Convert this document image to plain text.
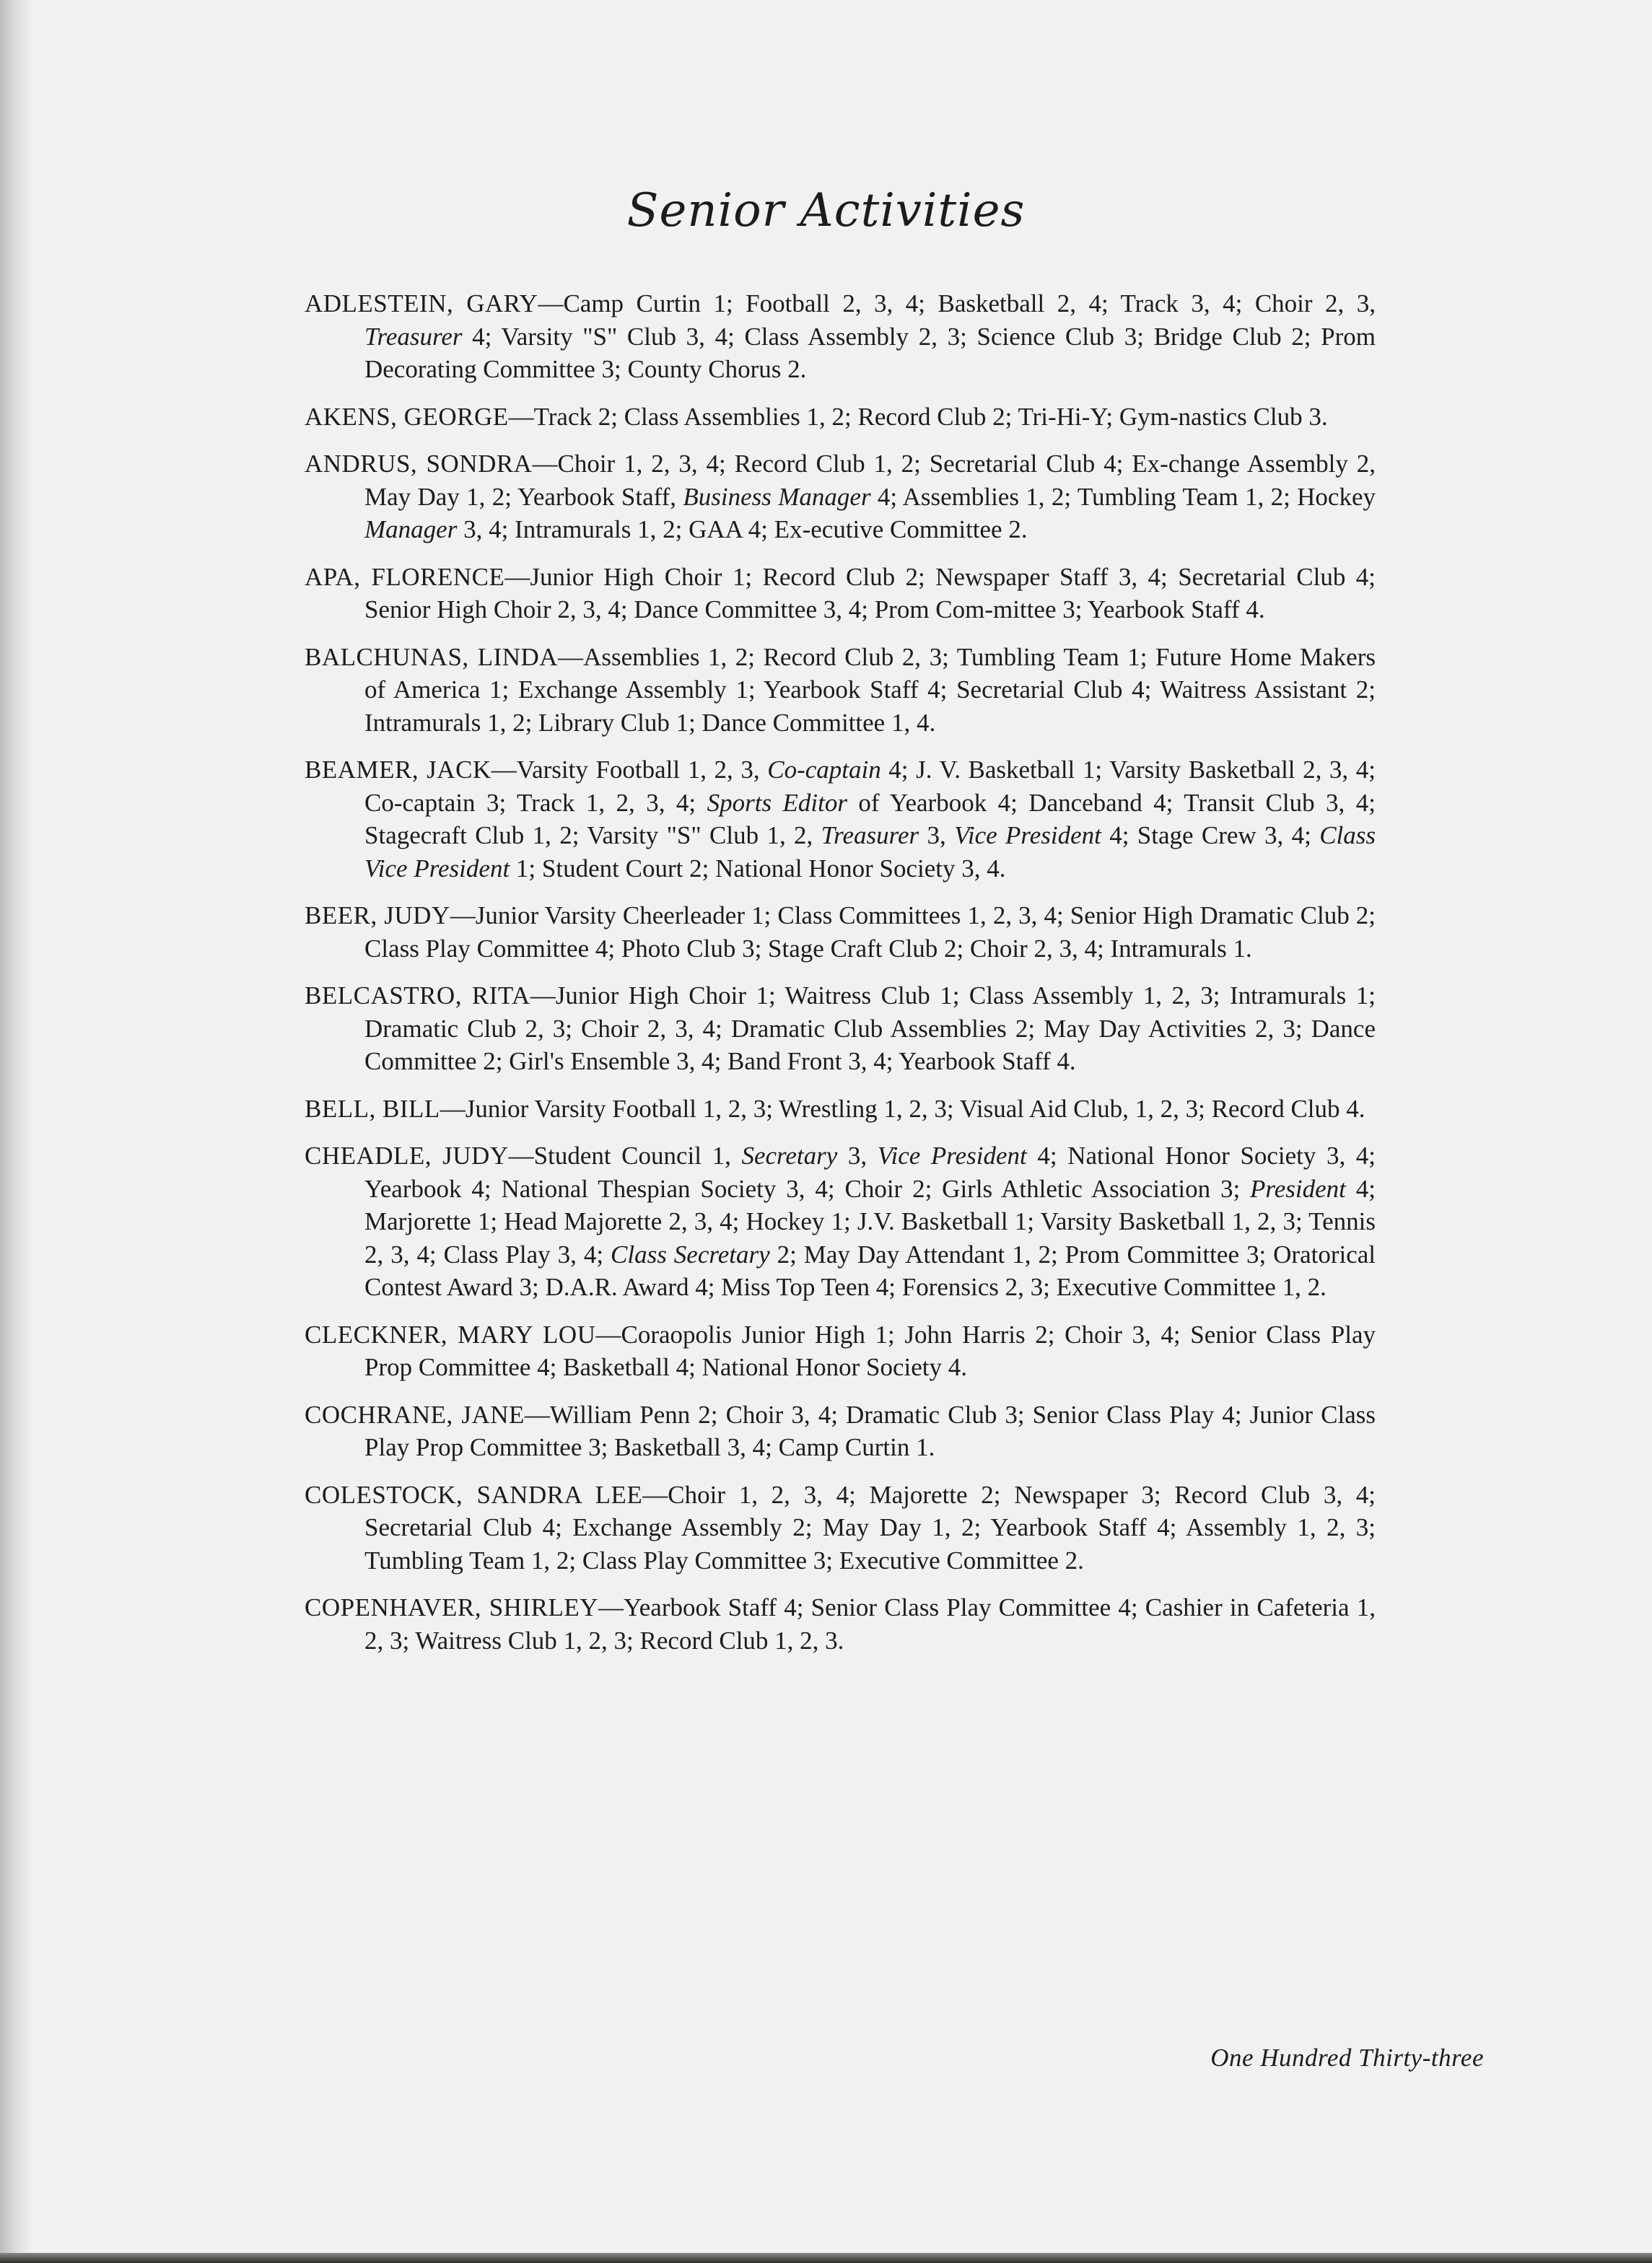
Senior Activities

ADLESTEIN, GARY—Camp Curtin 1; Football 2, 3, 4; Basketball 2, 4; Track 3, 4; Choir 2, 3, Treasurer 4; Varsity "S" Club 3, 4; Class Assembly 2, 3; Science Club 3; Bridge Club 2; Prom Decorating Committee 3; County Chorus 2.

AKENS, GEORGE—Track 2; Class Assemblies 1, 2; Record Club 2; Tri-Hi-Y; Gym-nastics Club 3.

ANDRUS, SONDRA—Choir 1, 2, 3, 4; Record Club 1, 2; Secretarial Club 4; Ex-change Assembly 2, May Day 1, 2; Yearbook Staff, Business Manager 4; Assemblies 1, 2; Tumbling Team 1, 2; Hockey Manager 3, 4; Intramurals 1, 2; GAA 4; Ex-ecutive Committee 2.

APA, FLORENCE—Junior High Choir 1; Record Club 2; Newspaper Staff 3, 4; Secretarial Club 4; Senior High Choir 2, 3, 4; Dance Committee 3, 4; Prom Com-mittee 3; Yearbook Staff 4.

BALCHUNAS, LINDA—Assemblies 1, 2; Record Club 2, 3; Tumbling Team 1; Future Home Makers of America 1; Exchange Assembly 1; Yearbook Staff 4; Secretarial Club 4; Waitress Assistant 2; Intramurals 1, 2; Library Club 1; Dance Committee 1, 4.

BEAMER, JACK—Varsity Football 1, 2, 3, Co-captain 4; J. V. Basketball 1; Varsity Basketball 2, 3, 4; Co-captain 3; Track 1, 2, 3, 4; Sports Editor of Yearbook 4; Danceband 4; Transit Club 3, 4; Stagecraft Club 1, 2; Varsity "S" Club 1, 2, Treasurer 3, Vice President 4; Stage Crew 3, 4; Class Vice President 1; Student Court 2; National Honor Society 3, 4.

BEER, JUDY—Junior Varsity Cheerleader 1; Class Committees 1, 2, 3, 4; Senior High Dramatic Club 2; Class Play Committee 4; Photo Club 3; Stage Craft Club 2; Choir 2, 3, 4; Intramurals 1.

BELCASTRO, RITA—Junior High Choir 1; Waitress Club 1; Class Assembly 1, 2, 3; Intramurals 1; Dramatic Club 2, 3; Choir 2, 3, 4; Dramatic Club Assemblies 2; May Day Activities 2, 3; Dance Committee 2; Girl's Ensemble 3, 4; Band Front 3, 4; Yearbook Staff 4.

BELL, BILL—Junior Varsity Football 1, 2, 3; Wrestling 1, 2, 3; Visual Aid Club, 1, 2, 3; Record Club 4.

CHEADLE, JUDY—Student Council 1, Secretary 3, Vice President 4; National Honor Society 3, 4; Yearbook 4; National Thespian Society 3, 4; Choir 2; Girls Athletic Association 3; President 4; Marjorette 1; Head Majorette 2, 3, 4; Hockey 1; J.V. Basketball 1; Varsity Basketball 1, 2, 3; Tennis 2, 3, 4; Class Play 3, 4; Class Secretary 2; May Day Attendant 1, 2; Prom Committee 3; Oratorical Contest Award 3; D.A.R. Award 4; Miss Top Teen 4; Forensics 2, 3; Executive Committee 1, 2.

CLECKNER, MARY LOU—Coraopolis Junior High 1; John Harris 2; Choir 3, 4; Senior Class Play Prop Committee 4; Basketball 4; National Honor Society 4.

COCHRANE, JANE—William Penn 2; Choir 3, 4; Dramatic Club 3; Senior Class Play 4; Junior Class Play Prop Committee 3; Basketball 3, 4; Camp Curtin 1.

COLESTOCK, SANDRA LEE—Choir 1, 2, 3, 4; Majorette 2; Newspaper 3; Record Club 3, 4; Secretarial Club 4; Exchange Assembly 2; May Day 1, 2; Yearbook Staff 4; Assembly 1, 2, 3; Tumbling Team 1, 2; Class Play Committee 3; Executive Committee 2.

COPENHAVER, SHIRLEY—Yearbook Staff 4; Senior Class Play Committee 4; Cashier in Cafeteria 1, 2, 3; Waitress Club 1, 2, 3; Record Club 1, 2, 3.

One Hundred Thirty-three
